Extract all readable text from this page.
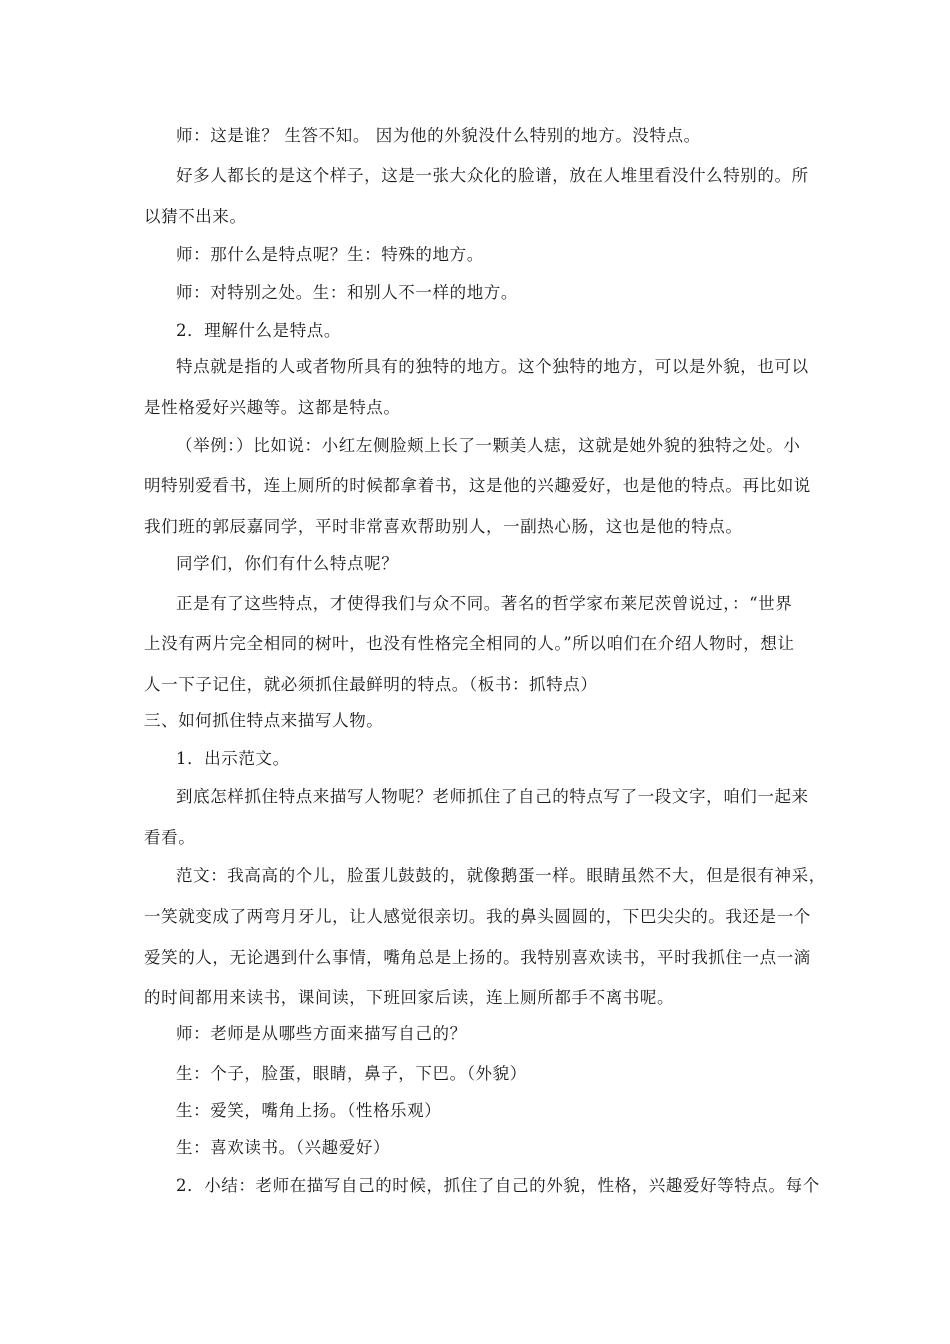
师：这是谁？ 生答不知。 因为他的外貌没什么特别的地方。没特点。
好多人都长的是这个样子，这是一张大众化的脸谱，放在人堆里看没什么特别的。所
以猜不出来。
师：那什么是特点呢？生：特殊的地方。
师：对特别之处。生：和别人不一样的地方。
2．理解什么是特点。
特点就是指的人或者物所具有的独特的地方。这个独特的地方，可以是外貌，也可以
是性格爱好兴趣等。这都是特点。
（举例：）比如说：小红左侧脸颊上长了一颗美人痣，这就是她外貌的独特之处。小
明特别爱看书，连上厕所的时候都拿着书，这是他的兴趣爱好，也是他的特点。再比如说
我们班的郭辰嘉同学，平时非常喜欢帮助别人，一副热心肠，这也是他的特点。
同学们，你们有什么特点呢？
正是有了这些特点，才使得我们与众不同。著名的哲学家布莱尼茨曾说过，：“世界
上没有两片完全相同的树叶，也没有性格完全相同的人。”所以咱们在介绍人物时，想让
人一下子记住，就必须抓住最鲜明的特点。（板书：抓特点）
三、如何抓住特点来描写人物。
1．出示范文。
到底怎样抓住特点来描写人物呢？老师抓住了自己的特点写了一段文字，咱们一起来
看看。
范文：我高高的个儿，脸蛋儿鼓鼓的，就像鹅蛋一样。眼睛虽然不大，但是很有神采，
一笑就变成了两弯月牙儿，让人感觉很亲切。我的鼻头圆圆的，下巴尖尖的。我还是一个
爱笑的人，无论遇到什么事情，嘴角总是上扬的。我特别喜欢读书，平时我抓住一点一滴
的时间都用来读书，课间读，下班回家后读，连上厕所都手不离书呢。
师：老师是从哪些方面来描写自己的？
生：个子，脸蛋，眼睛，鼻子，下巴。（外貌）
生：爱笑，嘴角上扬。（性格乐观）
生：喜欢读书。（兴趣爱好）
2．小结：老师在描写自己的时候，抓住了自己的外貌，性格，兴趣爱好等特点。每个
